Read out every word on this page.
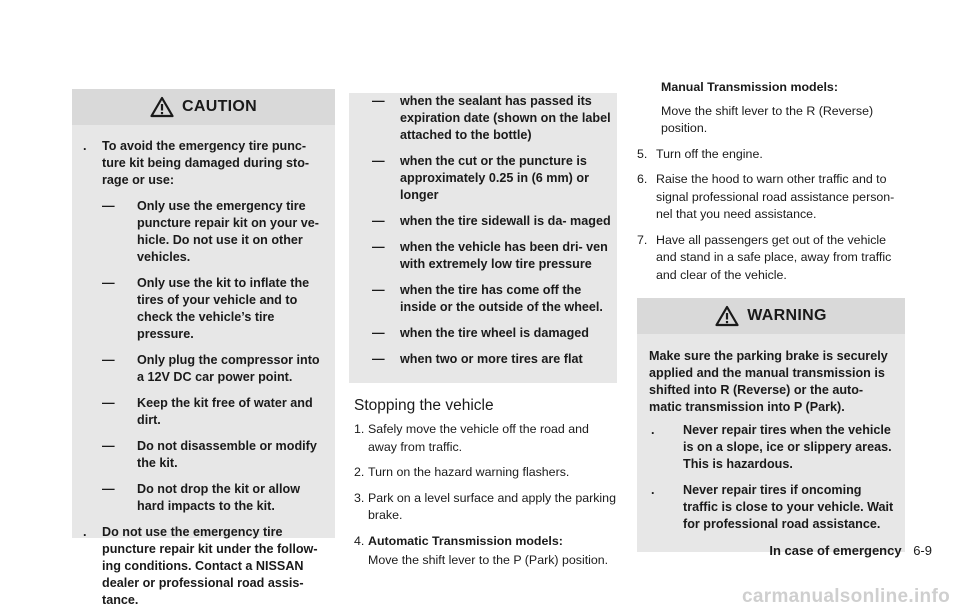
CAUTION
. To avoid the emergency tire punc- ture kit being damaged during sto- rage or use:
— Only use the emergency tire puncture repair kit on your ve- hicle. Do not use it on other vehicles.
— Only use the kit to inflate the tires of your vehicle and to check the vehicle’s tire pressure.
— Only plug the compressor into a 12V DC car power point.
— Keep the kit free of water and dirt.
— Do not disassemble or modify the kit.
— Do not drop the kit or allow hard impacts to the kit.
. Do not use the emergency tire puncture repair kit under the follow- ing conditions. Contact a NISSAN dealer or professional road assis- tance.
— when the sealant has passed its expiration date (shown on the label attached to the bottle)
— when the cut or the puncture is approximately 0.25 in (6 mm) or longer
— when the tire sidewall is da- maged
— when the vehicle has been dri- ven with extremely low tire pressure
— when the tire has come off the inside or the outside of the wheel.
— when the tire wheel is damaged
— when two or more tires are flat
Stopping the vehicle
1. Safely move the vehicle off the road and away from traffic.
2. Turn on the hazard warning flashers.
3. Park on a level surface and apply the parking brake.
4. Automatic Transmission models:
Move the shift lever to the P (Park) position.
Manual Transmission models:
Move the shift lever to the R (Reverse) position.
5. Turn off the engine.
6. Raise the hood to warn other traffic and to signal professional road assistance person- nel that you need assistance.
7. Have all passengers get out of the vehicle and stand in a safe place, away from traffic and clear of the vehicle.
WARNING
Make sure the parking brake is securely applied and the manual transmission is shifted into R (Reverse) or the auto- matic transmission into P (Park).
. Never repair tires when the vehicle is on a slope, ice or slippery areas. This is hazardous.
. Never repair tires if oncoming traffic is close to your vehicle. Wait for professional road assistance.
In case of emergency 6-9
carmanualsonline.info
